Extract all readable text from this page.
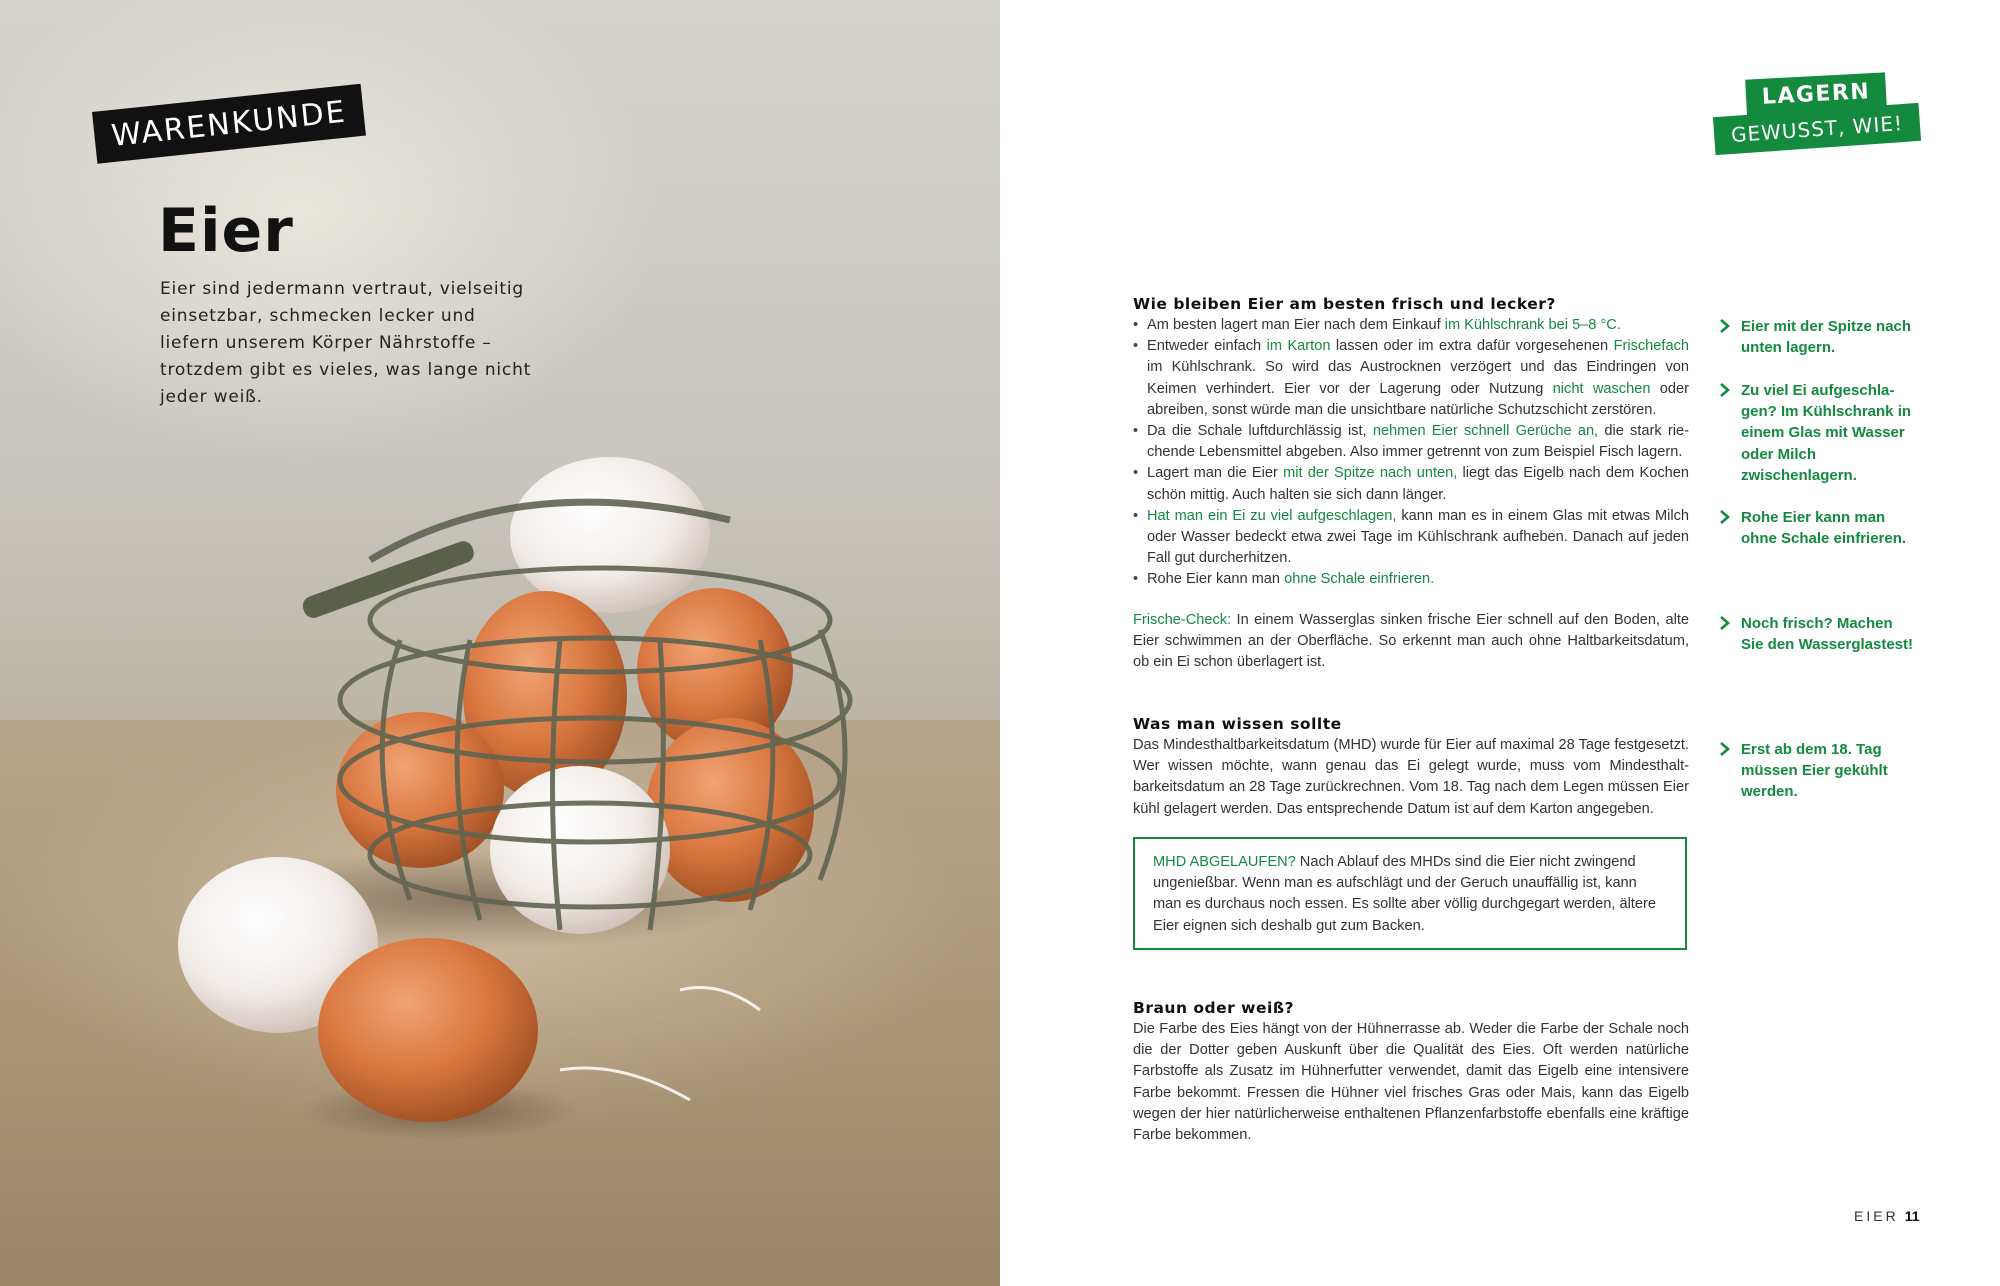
WARENKUNDE
Eier

Eier sind jedermann vertraut, vielseitig einsetzbar, schmecken lecker und liefern unserem Körper Nährstoffe – trotzdem gibt es vieles, was lange nicht jeder weiß.

LAGERN
GEWUSST, WIE!
Wie bleiben Eier am besten frisch und lecker?
• Am besten lagert man Eier nach dem Einkauf im Kühlschrank bei 5–8 °C.
• Entweder einfach im Karton lassen oder im extra dafür vorgesehenen Frischefach im Kühlschrank. So wird das Austrocknen verzögert und das Eindringen von Keimen verhindert. Eier vor der Lagerung oder Nutzung nicht waschen oder abreiben, sonst würde man die unsichtbare natürliche Schutzschicht zerstören.
• Da die Schale luftdurchlässig ist, nehmen Eier schnell Gerüche an, die stark riechende Lebensmittel abgeben. Also immer getrennt von zum Beispiel Fisch lagern.
• Lagert man die Eier mit der Spitze nach unten, liegt das Eigelb nach dem Kochen schön mittig. Auch halten sie sich dann länger.
• Hat man ein Ei zu viel aufgeschlagen, kann man es in einem Glas mit etwas Milch oder Wasser bedeckt etwa zwei Tage im Kühlschrank aufheben. Danach auf jeden Fall gut durcherhitzen.
• Rohe Eier kann man ohne Schale einfrieren.

Frische-Check: In einem Wasserglas sinken frische Eier schnell auf den Boden, alte Eier schwimmen an der Oberfläche. So erkennt man auch ohne Haltbarkeitsdatum, ob ein Ei schon überlagert ist.

Was man wissen sollte

Das Mindesthaltbarkeitsdatum (MHD) wurde für Eier auf maximal 28 Tage festgesetzt. Wer wissen möchte, wann genau das Ei gelegt wurde, muss vom Mindesthaltbarkeitsdatum an 28 Tage zurückrechnen. Vom 18. Tag nach dem Legen müssen Eier kühl gelagert werden. Das entsprechende Datum ist auf dem Karton angegeben.

MHD ABGELAUFEN? Nach Ablauf des MHDs sind die Eier nicht zwingend ungenießbar. Wenn man es aufschlägt und der Geruch unauffällig ist, kann man es durchaus noch essen. Es sollte aber völlig durchgegart werden, ältere Eier eignen sich deshalb gut zum Backen.

Braun oder weiß?

Die Farbe des Eies hängt von der Hühnerrasse ab. Weder die Farbe der Schale noch die der Dotter geben Auskunft über die Qualität des Eies. Oft werden natürliche Farbstoffe als Zusatz im Hühnerfutter verwendet, damit das Eigelb eine intensivere Farbe bekommt. Fressen die Hühner viel frisches Gras oder Mais, kann das Eigelb wegen der hier natürlicherweise enthaltenen Pflanzenfarbstoffe ebenfalls eine kräftige Farbe bekommen.

Eier mit der Spitze nach unten lagern.
Zu viel Ei aufgeschlagen? Im Kühlschrank in einem Glas mit Wasser oder Milch zwischenlagern.
Rohe Eier kann man ohne Schale einfrieren.
Noch frisch? Machen Sie den Wasserglastest!
Erst ab dem 18. Tag müssen Eier gekühlt werden.
EIER 11
